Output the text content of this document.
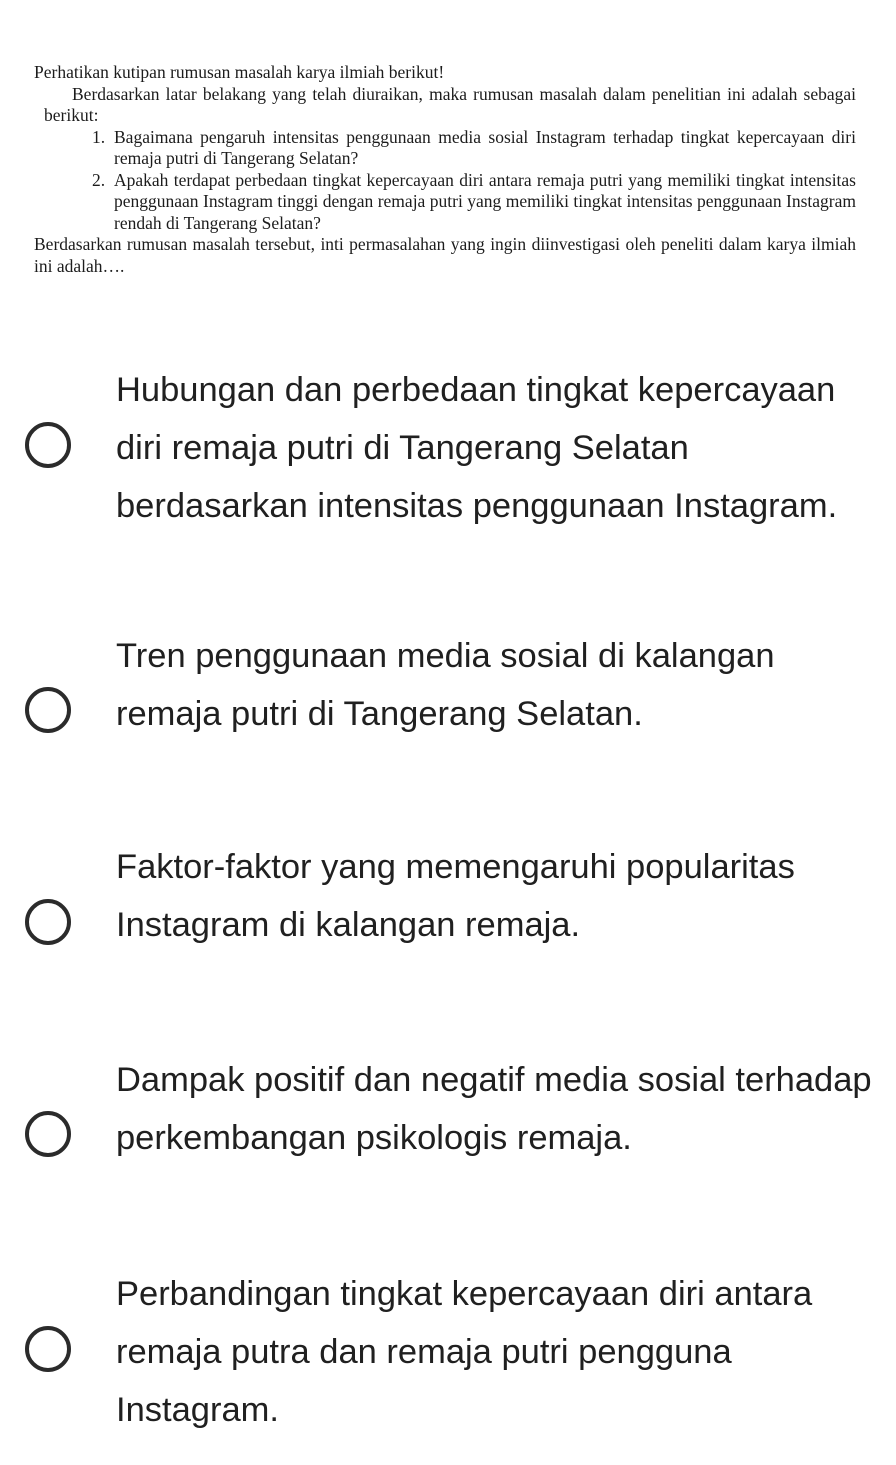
Perhatikan kutipan rumusan masalah karya ilmiah berikut!

Berdasarkan latar belakang yang telah diuraikan, maka rumusan masalah dalam penelitian ini adalah sebagai berikut:

1. Bagaimana pengaruh intensitas penggunaan media sosial Instagram terhadap tingkat kepercayaan diri remaja putri di Tangerang Selatan?
2. Apakah terdapat perbedaan tingkat kepercayaan diri antara remaja putri yang memiliki tingkat intensitas penggunaan Instagram tinggi dengan remaja putri yang memiliki tingkat intensitas penggunaan Instagram rendah di Tangerang Selatan?

Berdasarkan rumusan masalah tersebut, inti permasalahan yang ingin diinvestigasi oleh peneliti dalam karya ilmiah ini adalah….

Hubungan dan perbedaan tingkat kepercayaan diri remaja putri di Tangerang Selatan berdasarkan intensitas penggunaan Instagram.
Tren penggunaan media sosial di kalangan remaja putri di Tangerang Selatan.
Faktor-faktor yang memengaruhi popularitas Instagram di kalangan remaja.
Dampak positif dan negatif media sosial terhadap perkembangan psikologis remaja.
Perbandingan tingkat kepercayaan diri antara remaja putra dan remaja putri pengguna Instagram.
